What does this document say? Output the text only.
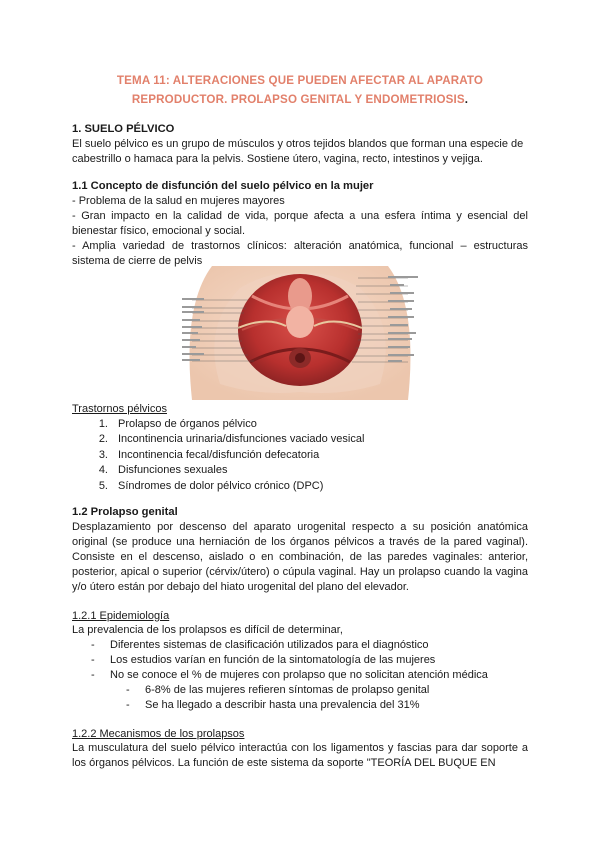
TEMA 11: ALTERACIONES QUE PUEDEN AFECTAR AL APARATO
REPRODUCTOR. PROLAPSO GENITAL Y ENDOMETRIOSIS.
1. SUELO PÉLVICO
El suelo pélvico es un grupo de músculos y otros tejidos blandos que forman una especie de cabestrillo o hamaca para la pelvis. Sostiene útero, vagina, recto, intestinos y vejiga.
1.1 Concepto de disfunción del suelo pélvico en la mujer
- Problema de la salud en mujeres mayores
- Gran impacto en la calidad de vida, porque afecta a una esfera íntima y esencial del bienestar físico, emocional y social.
- Amplia variedad de trastornos clínicos: alteración anatómica, funcional – estructuras sistema de cierre de pelvis
Trastornos pélvicos
1. Prolapso de órganos pélvico
2. Incontinencia urinaria/disfunciones vaciado vesical
3. Incontinencia fecal/disfunción defecatoria
4. Disfunciones sexuales
5. Síndromes de dolor pélvico crónico (DPC)
1.2 Prolapso genital
Desplazamiento por descenso del aparato urogenital respecto a su posición anatómica original (se produce una herniación de los órganos pélvicos a través de la pared vaginal). Consiste en el descenso, aislado o en combinación, de las paredes vaginales: anterior, posterior, apical o superior (cérvix/útero) o cúpula vaginal. Hay un prolapso cuando la vagina y/o útero están por debajo del hiato urogenital del plano del elevador.
1.2.1 Epidemiología
La prevalencia de los prolapsos es difícil de determinar,
- Diferentes sistemas de clasificación utilizados para el diagnóstico
- Los estudios varían en función de la sintomatología de las mujeres
- No se conoce el % de mujeres con prolapso que no solicitan atención médica
- 6-8% de las mujeres refieren síntomas de prolapso genital
- Se ha llegado a describir hasta una prevalencia del 31%
1.2.2 Mecanismos de los prolapsos
La musculatura del suelo pélvico interactúa con los ligamentos y fascias para dar soporte a los órganos pélvicos. La función de este sistema da soporte "TEORÍA DEL BUQUE EN
